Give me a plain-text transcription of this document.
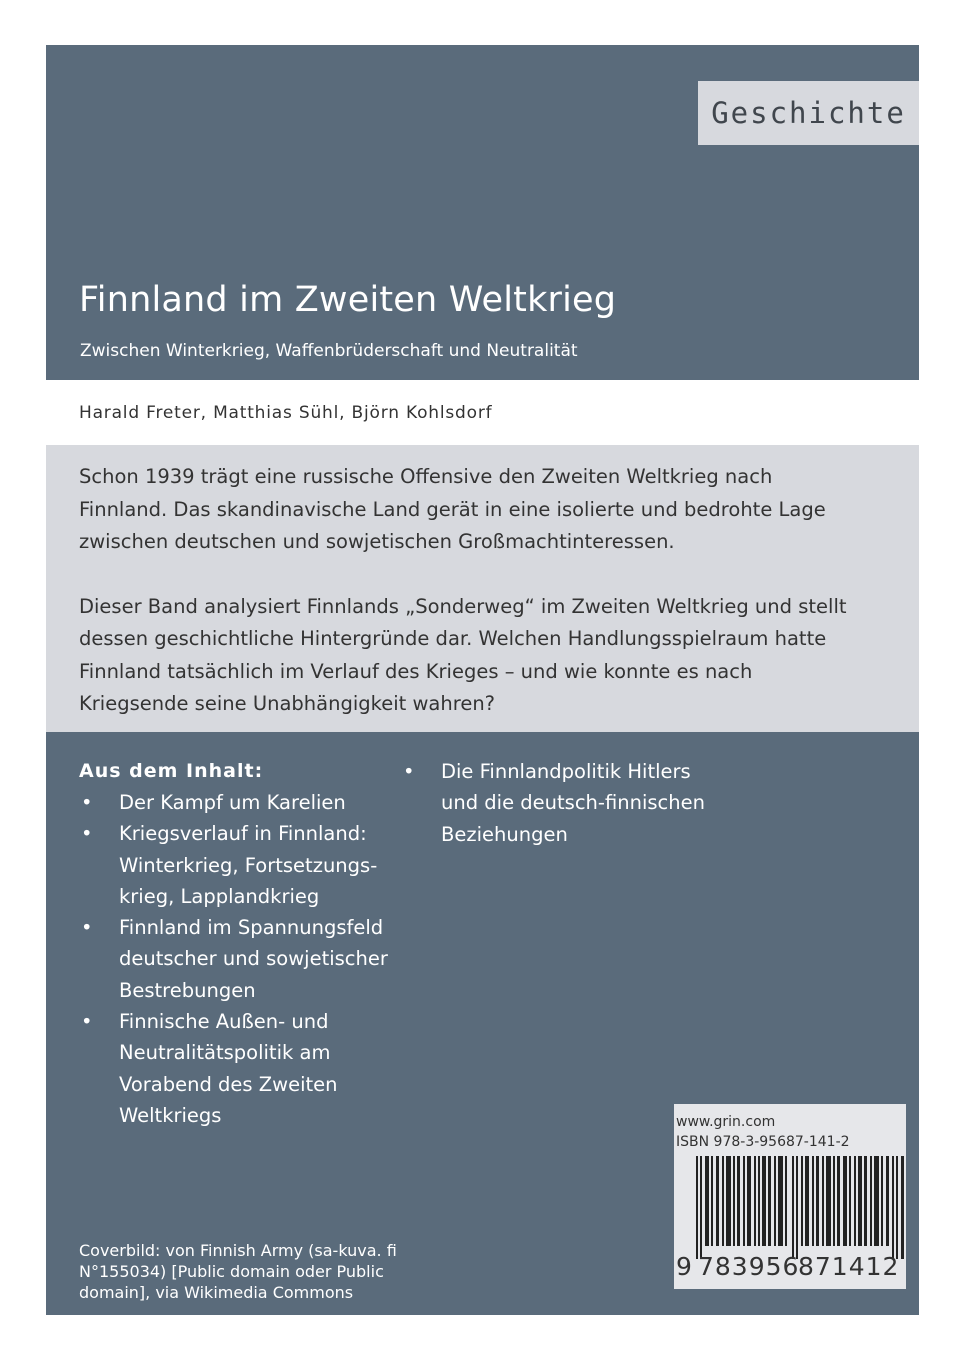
Geschichte
Finnland im Zweiten Weltkrieg

Zwischen Winterkrieg, Waffenbrüderschaft und Neutralität

Harald Freter, Matthias Sühl, Björn Kohlsdorf

Schon 1939 trägt eine russische Offensive den Zweiten Weltkrieg nach Finnland. Das skandinavische Land gerät in eine isolierte und bedrohte Lage zwischen deutschen und sowjetischen Großmachtinteressen.

Dieser Band analysiert Finnlands „Sonderweg“ im Zweiten Weltkrieg und stellt dessen geschichtliche Hintergründe dar. Welchen Handlungsspielraum hatte Finnland tatsächlich im Verlauf des Krieges – und wie konnte es nach Kriegsende seine Unabhängigkeit wahren?

Aus dem Inhalt:

• Der Kampf um Karelien
• Kriegsverlauf in Finnland: Winterkrieg, Fortsetzungskrieg, Lapplandkrieg
• Finnland im Spannungsfeld deutscher und sowjetischer Bestrebungen
• Finnische Außen- und Neutralitätspolitik am Vorabend des Zweiten Weltkriegs
• Die Finnlandpolitik Hitlers und die deutsch-finnischen Beziehungen
Coverbild: von Finnish Army (sa-kuva. fi N°155034) [Public domain oder Public domain], via Wikimedia Commons
www.grin.com
ISBN 978-3-95687-141-2
9 783956
871412
